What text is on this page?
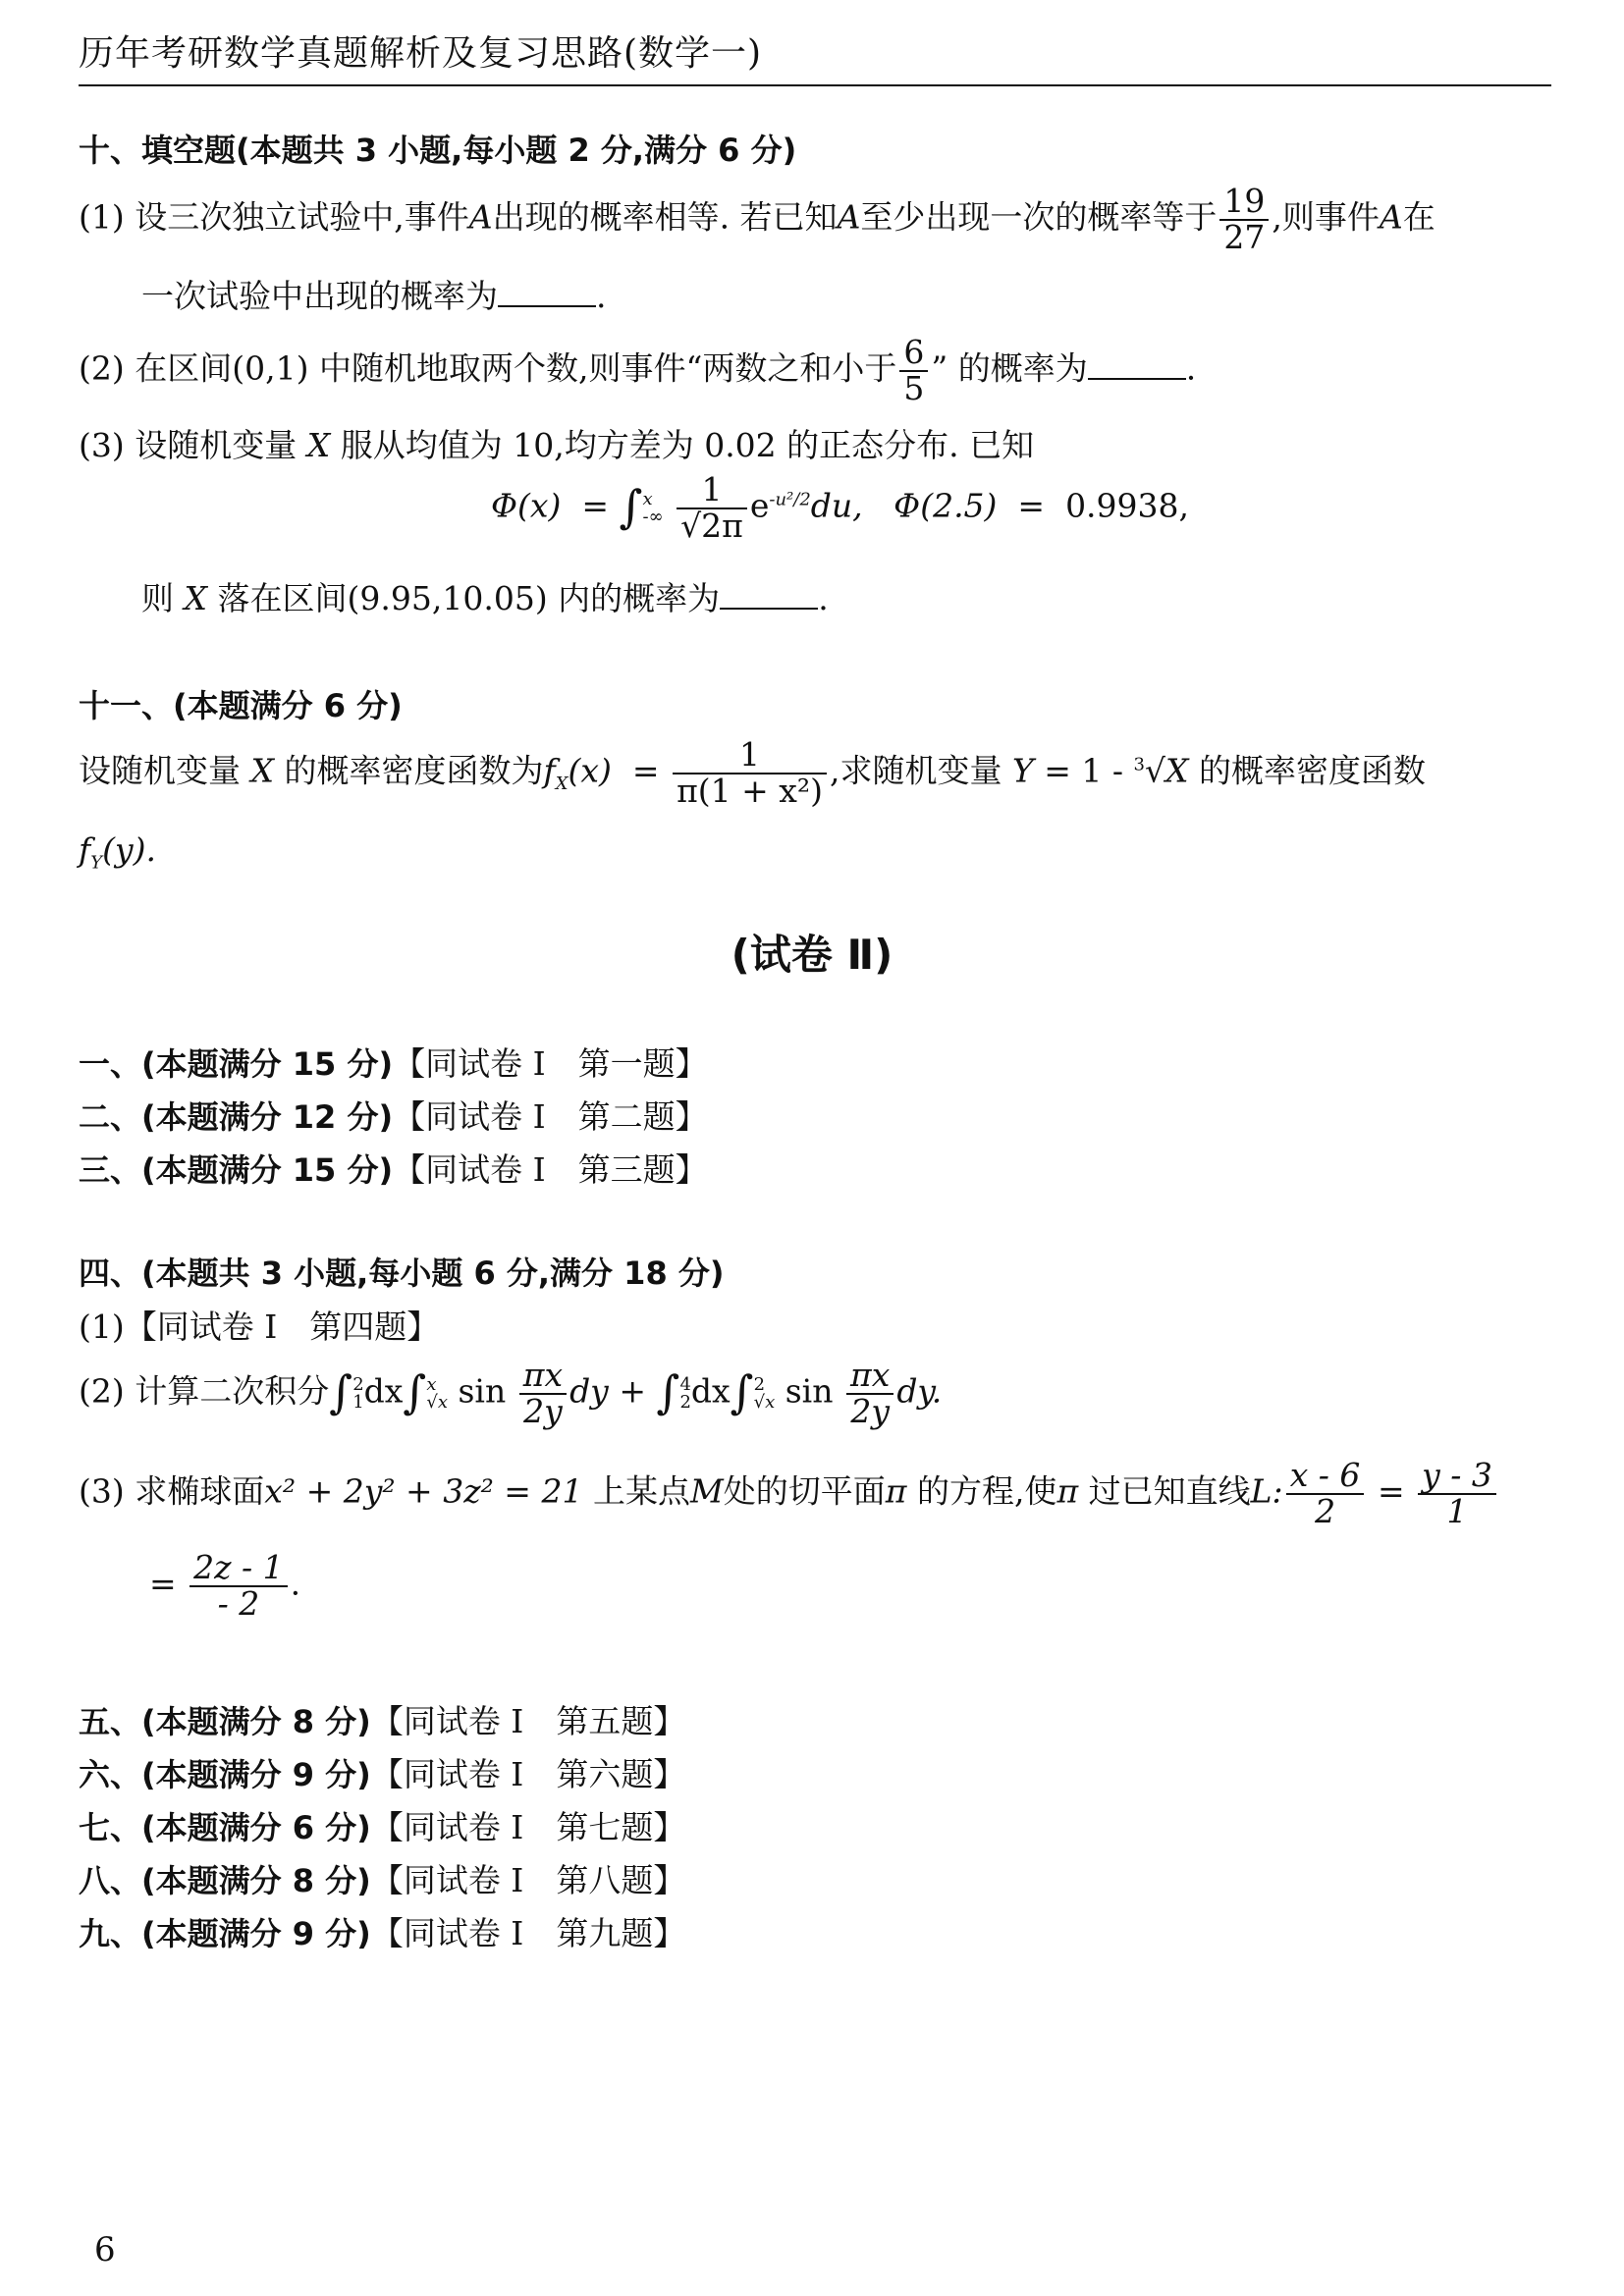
历年考研数学真题解析及复习思路(数学一)
十、填空题(本题共 3 小题,每小题 2 分,满分 6 分)
(1) 设三次独立试验中,事件A出现的概率相等. 若已知A至少出现一次的概率等于 $\frac{19}{27}$ ,则事件A在
一次试验中出现的概率为	.
(2) 在区间(0,1) 中随机地取两个数,则事件“两数之和小于 $\frac{6}{5}$ ” 的概率为	.
(3) 设随机变量 X 服从均值为 10,均方差为 0.02 的正态分布. 已知
Φ(x) = ∫ x
-∞
$\frac{1}{√2\pi} e^{-u^2/2}du$, Φ(2.5) = 0.9938,
则 X 落在区间(9.95,10.05) 内的概率为	.
十一、(本题满分 6 分)
设随机变量 X 的概率密度函数为$f_X(x) = \frac{1}{\text{π(1 + x²)}}$ ,求随机变量 Y = 1 - $^3$√X 的概率密度函数
$f_Y(y)$.
(试卷 Ⅱ)
一、(本题满分 15 分)【同试卷 Ⅰ　第一题】
二、(本题满分 12 分)【同试卷 Ⅰ　第二题】
三、(本题满分 15 分)【同试卷 Ⅰ　第三题】
四、(本题共 3 小题,每小题 6 分,满分 18 分)
(1)【同试卷 Ⅰ　第四题】
(2) 计算二次积分∫ 2
1 dx∫ x
√x $\sin \frac{\pi x}{2y}$ dy + ∫ 4
2 dx∫ 2
√x $\sin \frac{\pi x}{2y}$ dy.
(3) 求椭球面x² + 2y² + 3z² = 21 上某点M处的切平面π 的方程,使π 过已知直线L: $\frac{x - 6}{2} = \frac{y - 3}{1}$
= $\frac{2z - 1}{- 2}$ .
五、(本题满分 8 分)【同试卷 Ⅰ　第五题】
六、(本题满分 9 分)【同试卷 Ⅰ　第六题】
七、(本题满分 6 分)【同试卷 Ⅰ　第七题】
八、(本题满分 8 分)【同试卷 Ⅰ　第八题】
九、(本题满分 9 分)【同试卷 Ⅰ　第九题】
6
